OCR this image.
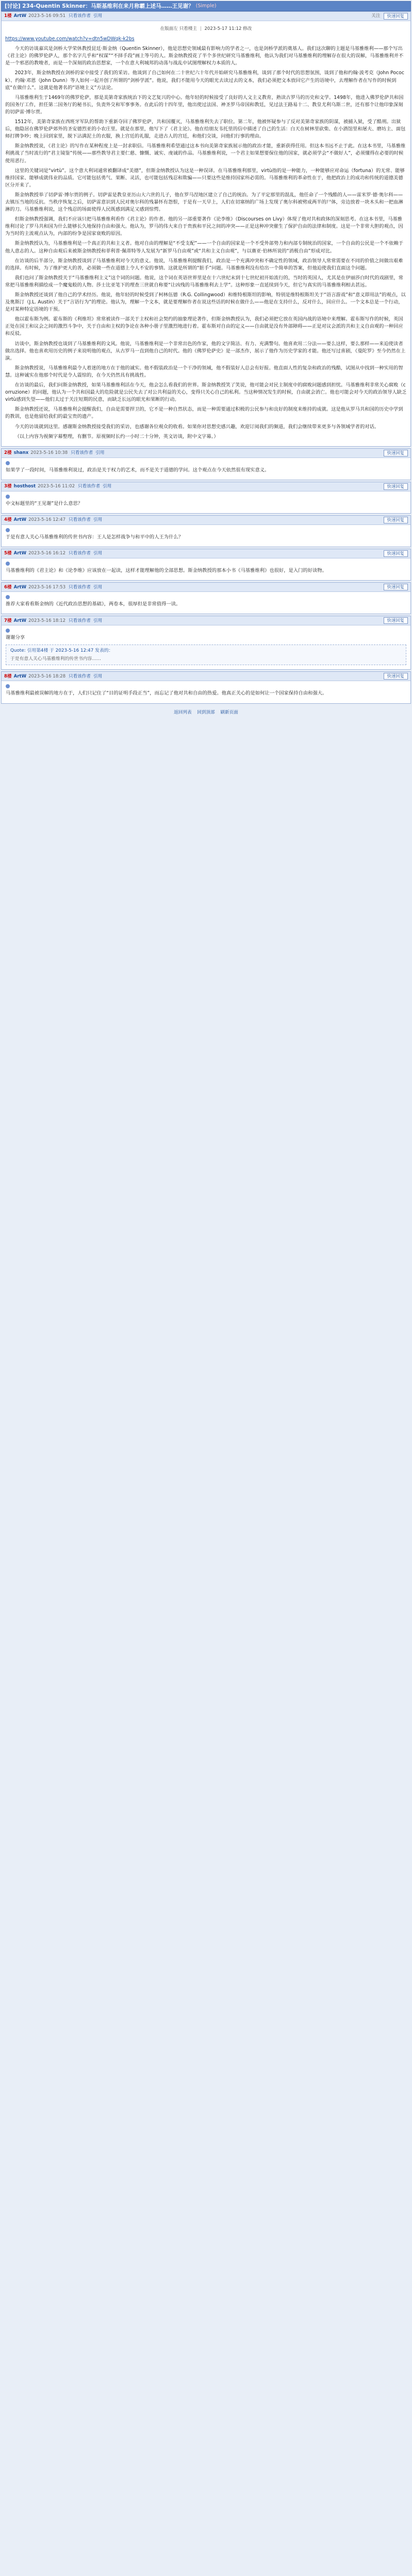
[讨论] 234-Quentin Skinner：马斯基维利在来月称霸上述马……王见谢？ (Simple)
1楼 ArtW 2023-5-16 09:51 只看该作者 引用	关注	快速回复
在版面左 只看楼主 | 2023-5-17 11:12 修改
https://www.youtube.com/watch?v=dtn5wDWqk-k2bs

今天的访谈嘉宾是剑桥大学荣休教授昆廷·斯金纳（Quentin Skinner），他是思想史领域最有影响力的学者之一，也是剑桥学派的奠基人。我们这次聊的主题是马基雅维利——那个写出《君主论》的佛罗伦萨人，那个名字几乎和“权谋”“不择手段”画上等号的人。斯金纳教授花了半个多世纪研究马基雅维利，他认为我们对马基雅维利的理解存在很大的误解，马基雅维利并不是一个邪恶的教唆者，而是一个深刻的政治思想家，一个在意大利城邦的动荡与战乱中试图理解权力本质的人。

2023年，斯金纳教授在剑桥的家中接受了我们的采访。他谈到了自己如何在二十世纪六十年代开始研究马基雅维利，谈到了那个时代的思想氛围，谈到了他和约翰·波考克（John Pocock）、约翰·邓恩（John Dunn）等人如何一起开创了所谓的“剑桥学派”。他说，我们不能用今天的眼光去读过去的文本，我们必须把文本放回它产生的语境中，去理解作者在写作的时候到底“在做什么”。这就是他著名的“语境主义”方法论。

马基雅维利生于1469年的佛罗伦萨，那是美第奇家族统治下的文艺复兴的中心。他年轻的时候接受了良好的人文主义教育，熟读古罗马的历史和文学。1498年，他进入佛罗伦萨共和国的国务厅工作，担任第二国务厅的秘书长，负责外交和军事事务。在此后的十四年里，他出使过法国、神圣罗马帝国和教廷，见过法王路易十二、教皇尤利乌斯二世，还有那个让他印象深刻的切萨雷·博尔贾。

1512年，美第奇家族在西班牙军队的帮助下重新夺回了佛罗伦萨，共和国覆灭，马基雅维利失去了职位。第二年，他被怀疑参与了反对美第奇家族的阴谋，被捕入狱，受了酷刑。出狱后，他隐居在佛罗伦萨郊外的圣安德烈亚的小农庄里。就是在那里，他写下了《君主论》。他在给朋友韦托里的信中描述了自己的生活：白天在树林里砍柴、在小酒馆里和屠夫、磨坊主、面包师打牌争吵；晚上回到家里，脱下沾满泥土的衣服，换上宫廷的礼服，走进古人的宫廷，和他们交谈，问他们行事的理由。

斯金纳教授说，《君主论》的写作在某种程度上是一封求职信。马基雅维利希望通过这本书向美第奇家族展示他的政治才能，重新获得任用。但这本书远不止于此。在这本书里，马基雅维利挑战了当时流行的“君主镜鉴”传统——那些教导君主要仁慈、慷慨、诚实、虔诚的作品。马基雅维利说，一个君主如果想要保住他的国家，就必须学会“不做好人”，必须懂得在必要的时候使用恶行。

这里的关键词是“virtù”。这个意大利词通常被翻译成“美德”，但斯金纳教授认为这是一种误译。在马基雅维利那里，virtù指的是一种能力，一种能够应对命运（fortuna）的无常、能够维持国家、能够成就伟业的品质。它可能包括勇气、果断、灵活，也可能包括残忍和欺骗——只要这些是维持国家所必需的。马基雅维利的革命性在于，他把政治上的成功和传统的道德美德区分开来了。

斯金纳教授举了切萨雷·博尔贾的例子。切萨雷是教皇亚历山大六世的儿子，他在罗马涅地区建立了自己的统治。为了平定那里的混乱，他任命了一个残酷的人——雷米罗·德·奥尔科——去镇压当地的反抗。当秩序恢复之后，切萨雷意识到人民对奥尔科的残暴怀有怨恨，于是有一天早上，人们在切塞纳的广场上发现了奥尔科被劈成两半的尸体，旁边放着一块木头和一把血淋淋的刀。马基雅维利说，这个残忍的场面使得人民既感到满足又感到惊愕。

但斯金纳教授强调，我们不应该只把马基雅维利看作《君主论》的作者。他的另一部重要著作《论李维》（Discourses on Livy）体现了他对共和政体的深刻思考。在这本书里，马基雅维利讨论了罗马共和国为什么能够长久地保持自由和强大。他认为，罗马的伟大来自于贵族和平民之间的冲突——正是这种冲突催生了保护自由的法律和制度。这是一个非常大胆的观点，因为当时的主流观点认为，内部的纷争是国家衰败的原因。

斯金纳教授认为，马基雅维利是一个真正的共和主义者。他对自由的理解是“不受支配”——一个自由的国家是一个不受外部势力和内部专制统治的国家，一个自由的公民是一个不依赖于他人意志的人。这种自由观后来被斯金纳教授和菲利普·佩蒂特等人发展为“新罗马自由观”或“共和主义自由观”，与以赛亚·伯林所说的“消极自由”形成对比。

在访谈的后半部分，斯金纳教授谈到了马基雅维利对今天的意义。他说，马基雅维利提醒我们，政治是一个充满冲突和不确定性的领域，政治领导人常常需要在不同的价值之间做出艰难的选择。有时候，为了维护更大的善，必须做一些在道德上令人不安的事情。这就是所谓的“脏手”问题。马基雅维利没有给出一个简单的答案，但他迫使我们直面这个问题。

我们也问了斯金纳教授关于“马基雅维利主义”这个词的问题。他说，这个词在英语世界里是在十六世纪末到十七世纪初开始流行的，当时的英国人，尤其是在伊丽莎白时代的戏剧里，常常把马基雅维利描绘成一个魔鬼般的人物。莎士比亚笔下的理查三世就自称要“让凶残的马基雅维利去上学”。这种形象一直延续到今天，但它与真实的马基雅维利相去甚远。

斯金纳教授还谈到了他自己的学术经历。他说，他年轻的时候受到了柯林伍德（R.G. Collingwood）和维特根斯坦的影响，特别是维特根斯坦关于“语言游戏”和“意义即用法”的观点，以及奥斯汀（J.L. Austin）关于“言语行为”的理论。他认为，理解一个文本，就是要理解作者在说这些话的时候在做什么——他是在支持什么，反对什么，回应什么。一个文本总是一个行动，是对某种特定语境的干预。

他以霍布斯为例。霍布斯的《利维坦》常常被读作一部关于主权和社会契约的抽象理论著作，但斯金纳教授认为，我们必须把它放在英国内战的语境中来理解。霍布斯写作的时候，英国正处在国王和议会之间的激烈斗争中，关于自由和主权的争论在各种小册子里激烈地进行着。霍布斯对自由的定义——自由就是没有外部障碍——正是对议会派的共和主义自由观的一种回应和反驳。

访谈中，斯金纳教授也谈到了马基雅维利的文风。他说，马基雅维利是一个非常出色的作家，他的文字简洁、有力、充满警句。他喜欢用二分法——要么这样，要么那样——来迫使读者做出选择。他也喜欢用历史的例子来说明他的观点，从古罗马一直到他自己的时代。他的《佛罗伦萨史》是一部杰作，展示了他作为历史学家的才能。他还写过喜剧，《曼陀罗》至今仍然在上演。

斯金纳教授说，马基雅维利最令人着迷的地方在于他的诚实。他不假装政治是一个干净的领域，他不假装好人总会有好报。他直面人性的复杂和政治的残酷，试图从中找到一种实用的智慧。这种诚实在他那个时代是令人震惊的，在今天仍然具有挑战性。

在访谈的最后，我们问斯金纳教授，如果马基雅维利活在今天，他会怎么看我们的世界。斯金纳教授笑了笑说，他可能会对民主制度中的腐败问题感到担忧。马基雅维利非常关心腐败（corruzione）的问题，他认为一个共和国最大的危险就是公民失去了对公共利益的关心，变得只关心自己的私利。当这种情况发生的时候，自由就会消亡。他也可能会对今天的政治领导人缺乏virtù感到失望——他们太过于关注短期的民意，而缺乏长远的眼光和果断的行动。

斯金纳教授还说，马基雅维利会提醒我们，自由是需要捍卫的，它不是一种自然状态，而是一种需要通过积极的公民参与和良好的制度来维持的成就。这是他从罗马共和国的历史中学到的教训，也是他留给我们的最宝贵的遗产。

今天的访谈就到这里。感谢斯金纳教授接受我们的采访，也感谢各位观众的收看。如果你对思想史感兴趣，欢迎订阅我们的频道，我们会继续带来更多与各领域学者的对话。

（以上内容为视频字幕整理，有删节。原视频时长约一小时二十分钟，英文访谈，附中文字幕。）

2楼 shanx 2023-5-16 10:38 只看该作者 引用	快速回复

如果学了一段时间，马基雅维利说过，政治是关于权力的艺术，而不是关于道德的学问。这个观点在今天依然很有现实意义。

3楼 hosthost 2023-5-16 11:02 只看该作者 引用	快速回复

中文标题里的“王见谢”是什么意思？

4楼 ArtW 2023-5-16 12:47 只看该作者 引用	快速回复

于是有意人关心马基雅维利的传世书内容：王人是怎样战争与和平中的人王为什么？

5楼 ArtW 2023-5-16 16:12 只看该作者 引用	快速回复

马基雅维利的《君主论》和《论李维》应该放在一起读，这样才能理解他的全部思想。斯金纳教授的那本小书《马基雅维利》也很好，是入门的好读物。

6楼 ArtW 2023-5-16 17:53 只看该作者 引用	快速回复

推荐大家看看斯金纳的《近代政治思想的基础》，两卷本，很厚但是非常值得一读。

7楼 ArtW 2023-5-16 18:12 只看该作者 引用	快速回复

谢谢分享

Quote: 引用第4楼 于 2023-5-16 12:47 发表的：
于是有意人关心马基雅维利的传世书内容……
8楼 ArtW 2023-5-16 18:28 只看该作者 引用	快速回复

马基雅维利最被误解的地方在于，人们只记住了“目的证明手段正当”，而忘记了他对共和自由的热爱。他真正关心的是如何让一个国家保持自由和强大。

返回列表 回到顶部 刷新页面
